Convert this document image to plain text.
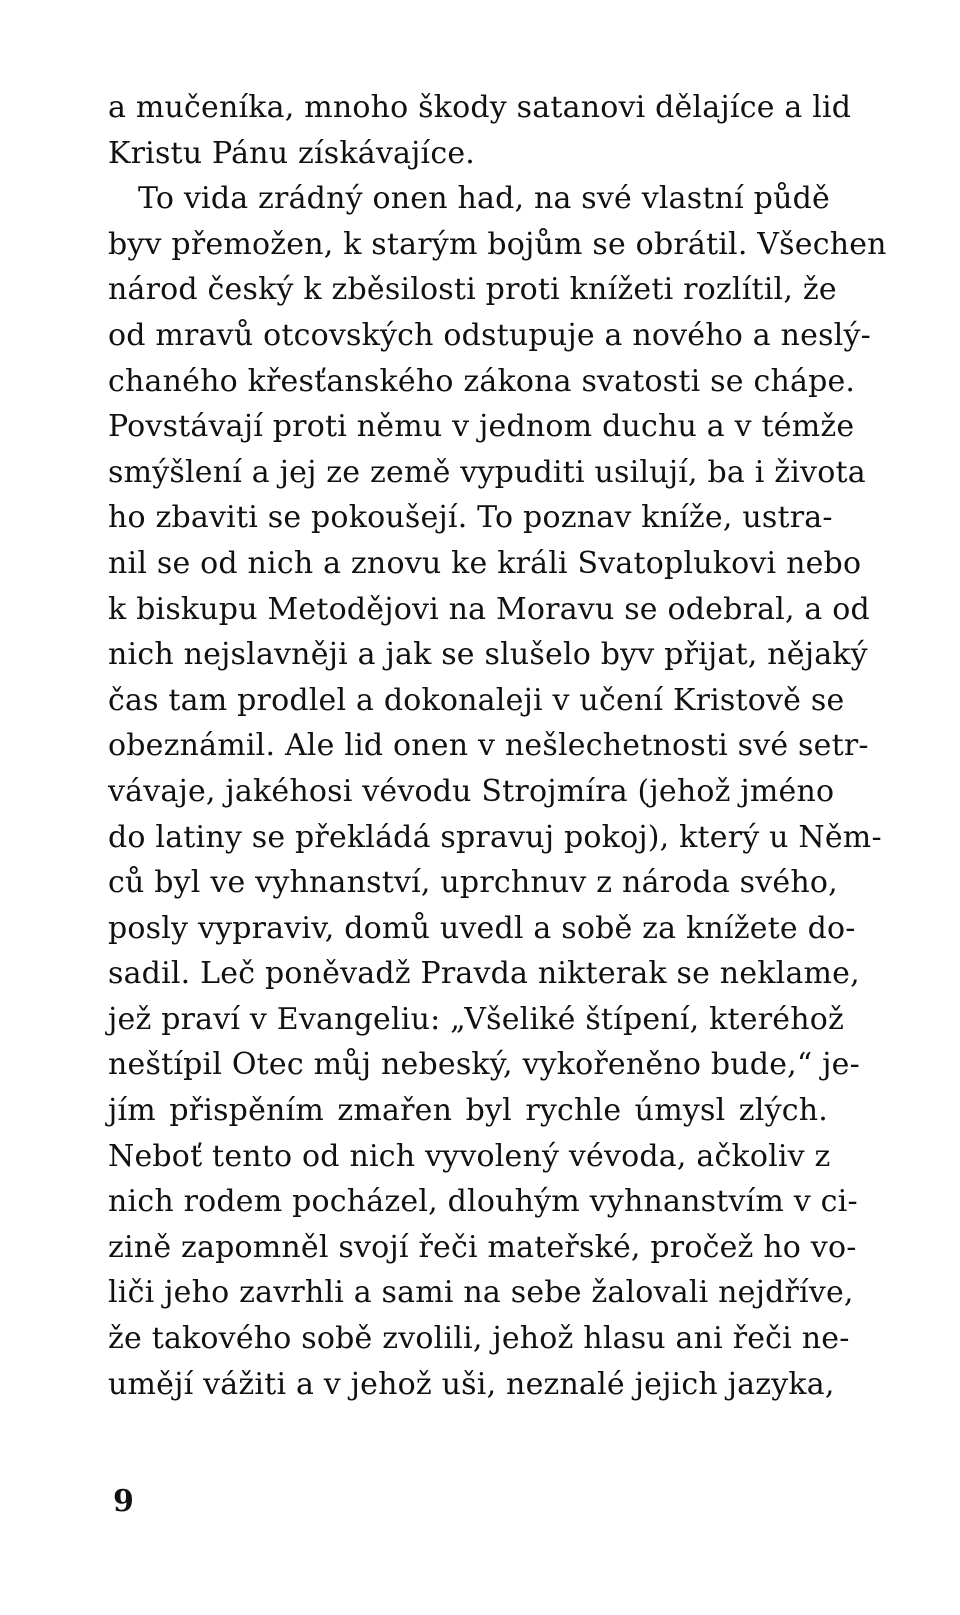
a mučeníka, mnoho škody satanovi dělajíce a lid
Kristu Pánu získávajíce.
To vida zrádný onen had, na své vlastní půdě
byv přemožen, k starým bojům se obrátil. Všechen
národ český k zběsilosti proti knížeti rozlítil, že
od mravů otcovských odstupuje a nového a neslý-
chaného křesťanského zákona svatosti se chápe.
Povstávají proti němu v jednom duchu a v témže
smýšlení a jej ze země vypuditi usilují, ba i života
ho zbaviti se pokoušejí. To poznav kníže, ustra-
nil se od nich a znovu ke králi Svatoplukovi nebo
k biskupu Metodějovi na Moravu se odebral, a od
nich nejslavněji a jak se slušelo byv přijat, nějaký
čas tam prodlel a dokonaleji v učení Kristově se
obeznámil. Ale lid onen v nešlechetnosti své setr-
vávaje, jakéhosi vévodu Strojmíra (jehož jméno
do latiny se překládá spravuj pokoj), který u Něm-
ců byl ve vyhnanství, uprchnuv z národa svého,
posly vypraviv, domů uvedl a sobě za knížete do-
sadil. Leč poněvadž Pravda nikterak se neklame,
jež praví v Evangeliu: „Všeliké štípení, kteréhož
neštípil Otec můj nebeský, vykořeněno bude,“ je-
jím přispěním zmařen byl rychle úmysl zlých.
Neboť tento od nich vyvolený vévoda, ačkoliv z
nich rodem pocházel, dlouhým vyhnanstvím v ci-
zině zapomněl svojí řeči mateřské, pročež ho vo-
liči jeho zavrhli a sami na sebe žalovali nejdříve,
že takového sobě zvolili, jehož hlasu ani řeči ne-
umějí vážiti a v jehož uši, neznalé jejich jazyka,
9
